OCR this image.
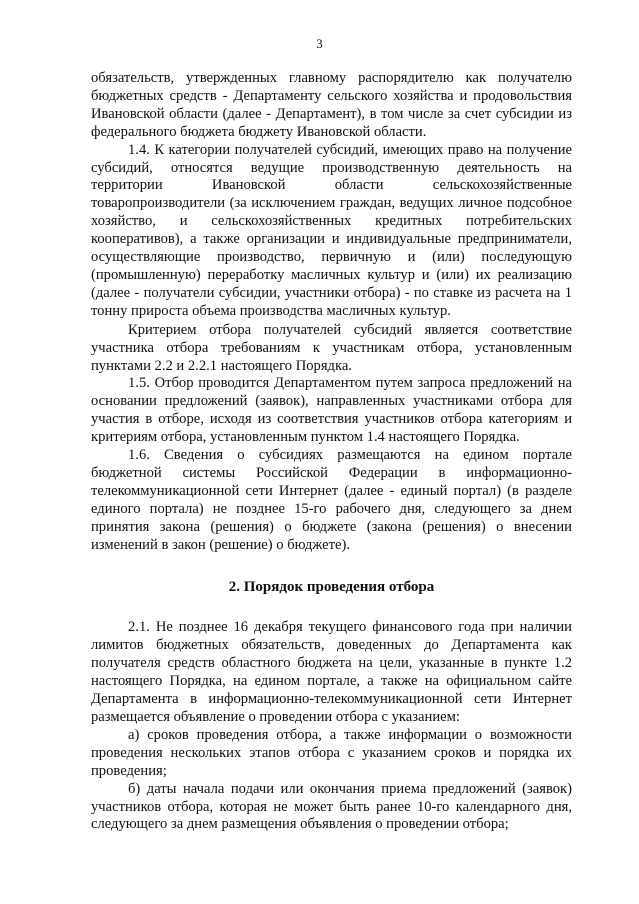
3

обязательств, утвержденных главному распорядителю как получателю бюджетных средств - Департаменту сельского хозяйства и продовольствия Ивановской области (далее - Департамент), в том числе за счет субсидии из федерального бюджета бюджету Ивановской области.

1.4. К категории получателей субсидий, имеющих право на получение субсидий, относятся ведущие производственную деятельность на территории Ивановской области сельскохозяйственные товаропроизводители (за исключением граждан, ведущих личное подсобное хозяйство, и сельскохозяйственных кредитных потребительских кооперативов), а также организации и индивидуальные предприниматели, осуществляющие производство, первичную и (или) последующую (промышленную) переработку масличных культур и (или) их реализацию (далее - получатели субсидии, участники отбора) - по ставке из расчета на 1 тонну прироста объема производства масличных культур.

Критерием отбора получателей субсидий является соответствие участника отбора требованиям к участникам отбора, установленным пунктами 2.2 и 2.2.1 настоящего Порядка.

1.5. Отбор проводится Департаментом путем запроса предложений на основании предложений (заявок), направленных участниками отбора для участия в отборе, исходя из соответствия участников отбора категориям и критериям отбора, установленным пунктом 1.4 настоящего Порядка.

1.6. Сведения о субсидиях размещаются на едином портале бюджетной системы Российской Федерации в информационно-телекоммуникационной сети Интернет (далее - единый портал) (в разделе единого портала) не позднее 15-го рабочего дня, следующего за днем принятия закона (решения) о бюджете (закона (решения) о внесении изменений в закон (решение) о бюджете).

2. Порядок проведения отбора

2.1. Не позднее 16 декабря текущего финансового года при наличии лимитов бюджетных обязательств, доведенных до Департамента как получателя средств областного бюджета на цели, указанные в пункте 1.2 настоящего Порядка, на едином портале, а также на официальном сайте Департамента в информационно-телекоммуникационной сети Интернет размещается объявление о проведении отбора с указанием:

а) сроков проведения отбора, а также информации о возможности проведения нескольких этапов отбора с указанием сроков и порядка их проведения;

б) даты начала подачи или окончания приема предложений (заявок) участников отбора, которая не может быть ранее 10-го календарного дня, следующего за днем размещения объявления о проведении отбора;
